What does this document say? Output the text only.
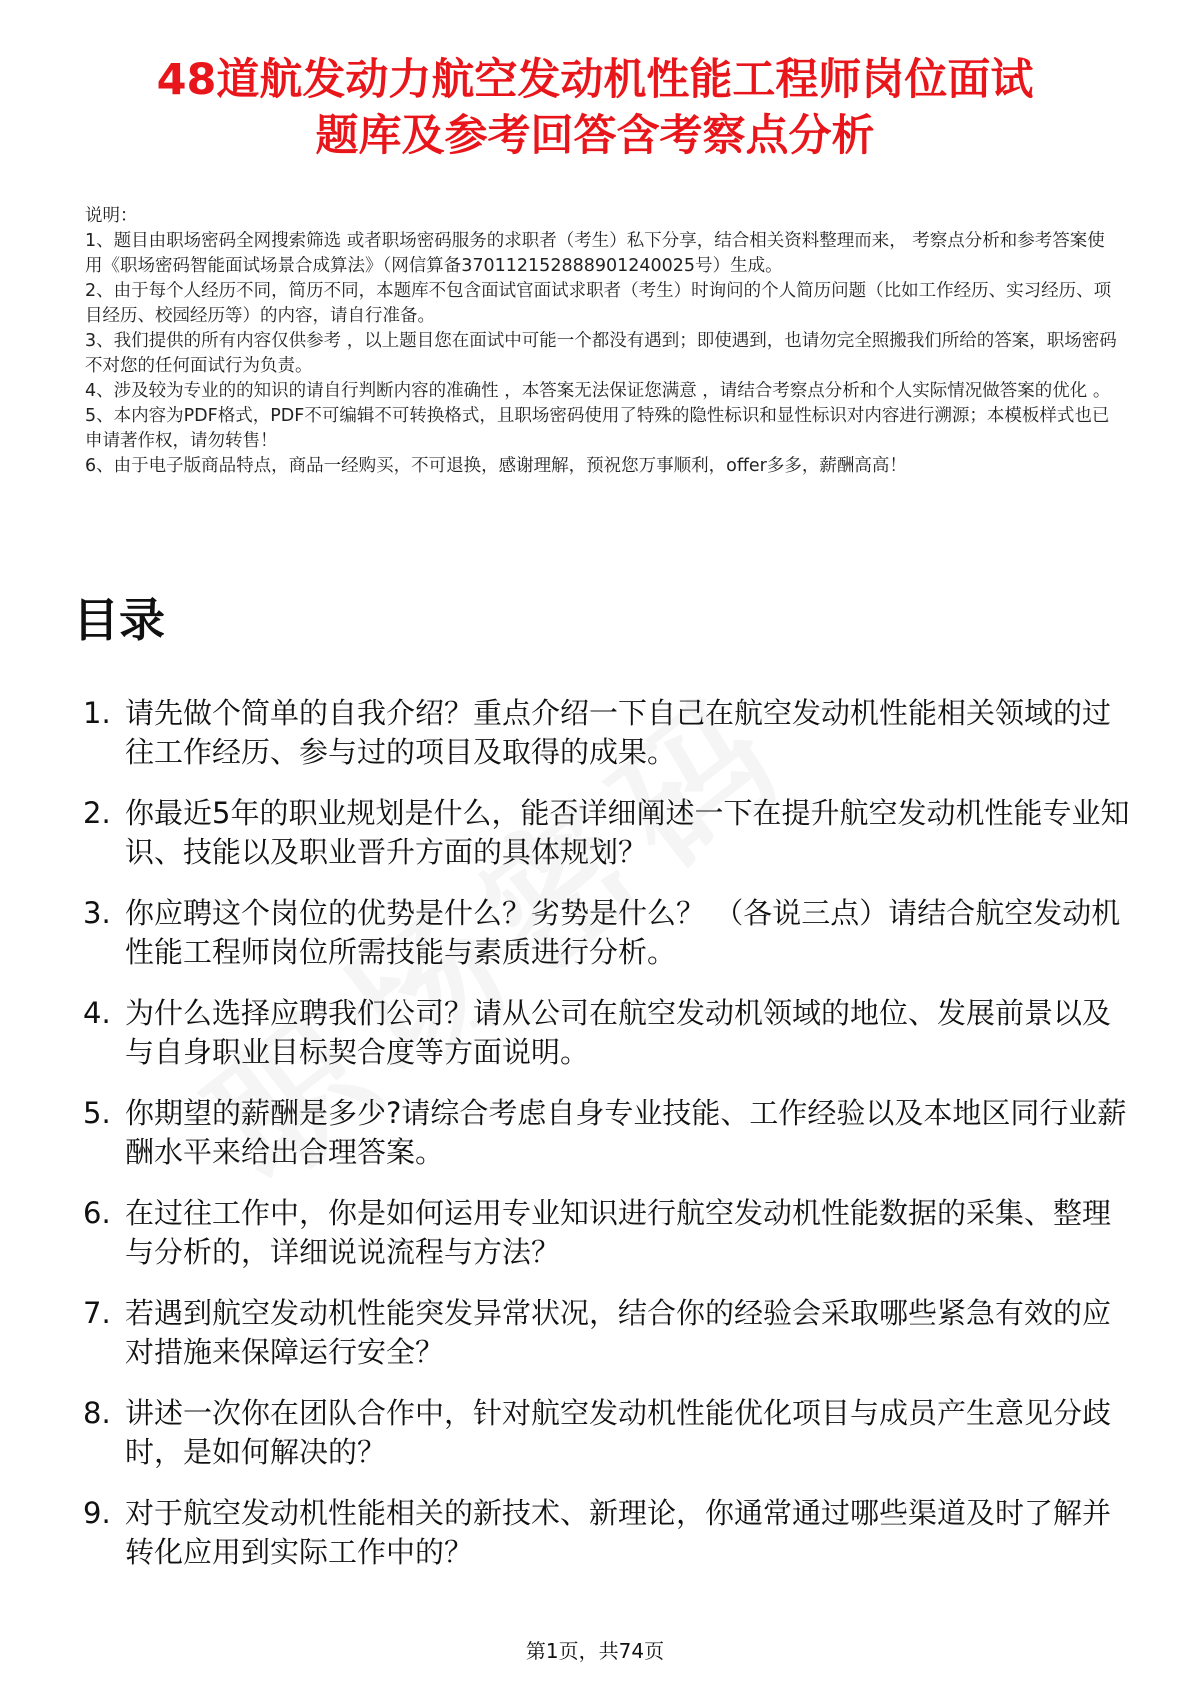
48道航发动力航空发动机性能工程师岗位面试
题库及参考回答含考察点分析

说明：

1、题目由职场密码全网搜索筛选 或者职场密码服务的求职者（考生）私下分享，结合相关资料整理而来， 考察点分析和参考答案使用《职场密码智能面试场景合成算法》（网信算备370112152888901240025号）生成。

2、由于每个人经历不同，简历不同，本题库不包含面试官面试求职者（考生）时询问的个人简历问题（比如工作经历、实习经历、项目经历、校园经历等）的内容，请自行准备。

3、我们提供的所有内容仅供参考 ，以上题目您在面试中可能一个都没有遇到；即使遇到，也请勿完全照搬我们所给的答案，职场密码不对您的任何面试行为负责。

4、涉及较为专业的的知识的请自行判断内容的准确性 ，本答案无法保证您满意 ，请结合考察点分析和个人实际情况做答案的优化 。

5、本内容为PDF格式，PDF不可编辑不可转换格式，且职场密码使用了特殊的隐性标识和显性标识对内容进行溯源；本模板样式也已申请著作权，请勿转售！

6、由于电子版商品特点，商品一经购买，不可退换，感谢理解，预祝您万事顺利，offer多多，薪酬高高！

目录
1. 请先做个简单的自我介绍？重点介绍一下自己在航空发动机性能相关领域的过往工作经历、参与过的项目及取得的成果。
2. 你最近5年的职业规划是什么，能否详细阐述一下在提升航空发动机性能专业知识、技能以及职业晋升方面的具体规划？
3. 你应聘这个岗位的优势是什么？劣势是什么？ （各说三点）请结合航空发动机性能工程师岗位所需技能与素质进行分析。
4. 为什么选择应聘我们公司？请从公司在航空发动机领域的地位、发展前景以及与自身职业目标契合度等方面说明。
5. 你期望的薪酬是多少?请综合考虑自身专业技能、工作经验以及本地区同行业薪酬水平来给出合理答案。
6. 在过往工作中，你是如何运用专业知识进行航空发动机性能数据的采集、整理与分析的，详细说说流程与方法？
7. 若遇到航空发动机性能突发异常状况，结合你的经验会采取哪些紧急有效的应对措施来保障运行安全？
8. 讲述一次你在团队合作中，针对航空发动机性能优化项目与成员产生意见分歧时，是如何解决的？
9. 对于航空发动机性能相关的新技术、新理论，你通常通过哪些渠道及时了解并转化应用到实际工作中的？
第1页，共74页
